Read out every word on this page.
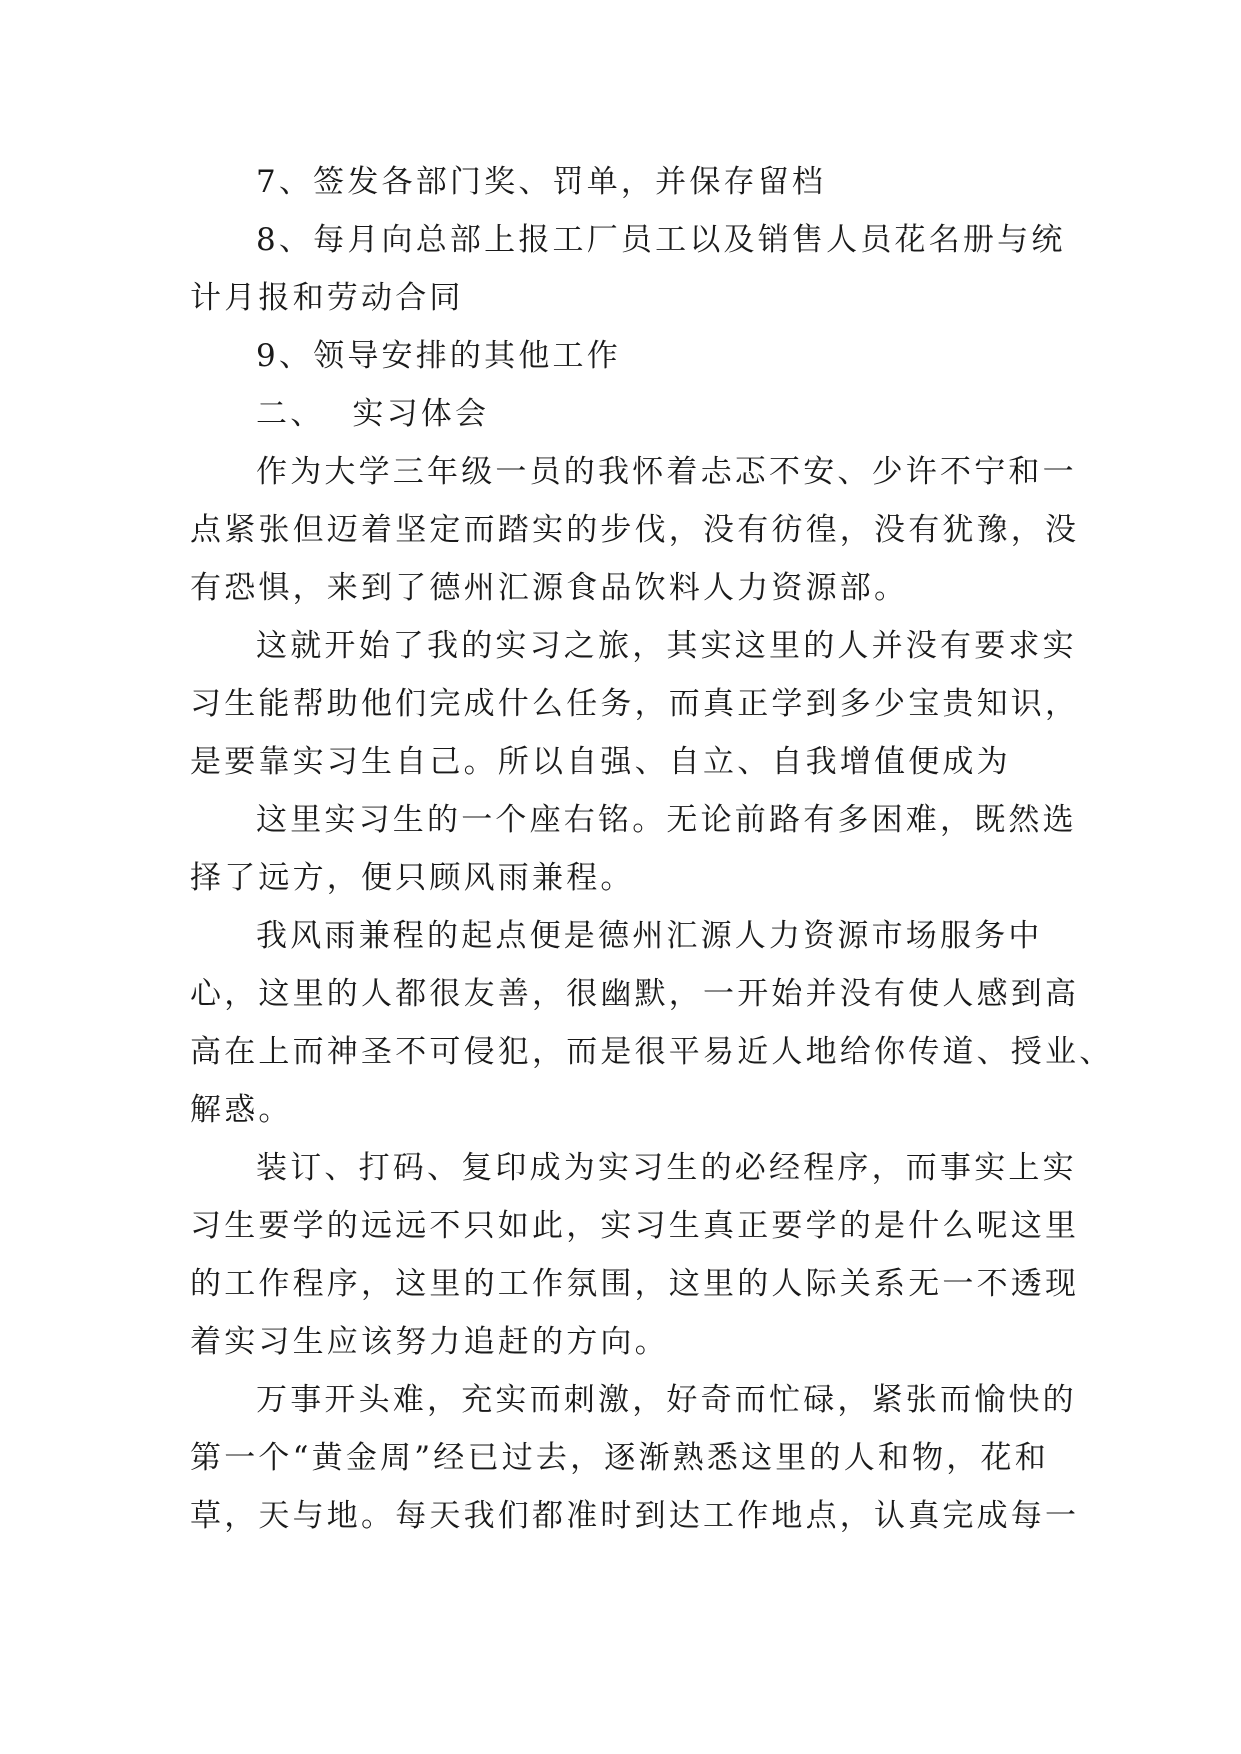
7、签发各部门奖、罚单，并保存留档
8、每月向总部上报工厂员工以及销售人员花名册与统
计月报和劳动合同
9、领导安排的其他工作
二、 实习体会
作为大学三年级一员的我怀着忐忑不安、少许不宁和一
点紧张但迈着坚定而踏实的步伐，没有彷徨，没有犹豫，没
有恐惧，来到了德州汇源食品饮料人力资源部。
这就开始了我的实习之旅，其实这里的人并没有要求实
习生能帮助他们完成什么任务，而真正学到多少宝贵知识，
是要靠实习生自己。所以自强、自立、自我增值便成为
这里实习生的一个座右铭。无论前路有多困难，既然选
择了远方，便只顾风雨兼程。
我风雨兼程的起点便是德州汇源人力资源市场服务中
心，这里的人都很友善，很幽默，一开始并没有使人感到高
高在上而神圣不可侵犯，而是很平易近人地给你传道、授业、
解惑。
装订、打码、复印成为实习生的必经程序，而事实上实
习生要学的远远不只如此，实习生真正要学的是什么呢这里
的工作程序，这里的工作氛围，这里的人际关系无一不透现
着实习生应该努力追赶的方向。
万事开头难，充实而刺激，好奇而忙碌，紧张而愉快的
第一个“黄金周”经已过去，逐渐熟悉这里的人和物，花和
草，天与地。每天我们都准时到达工作地点，认真完成每一
